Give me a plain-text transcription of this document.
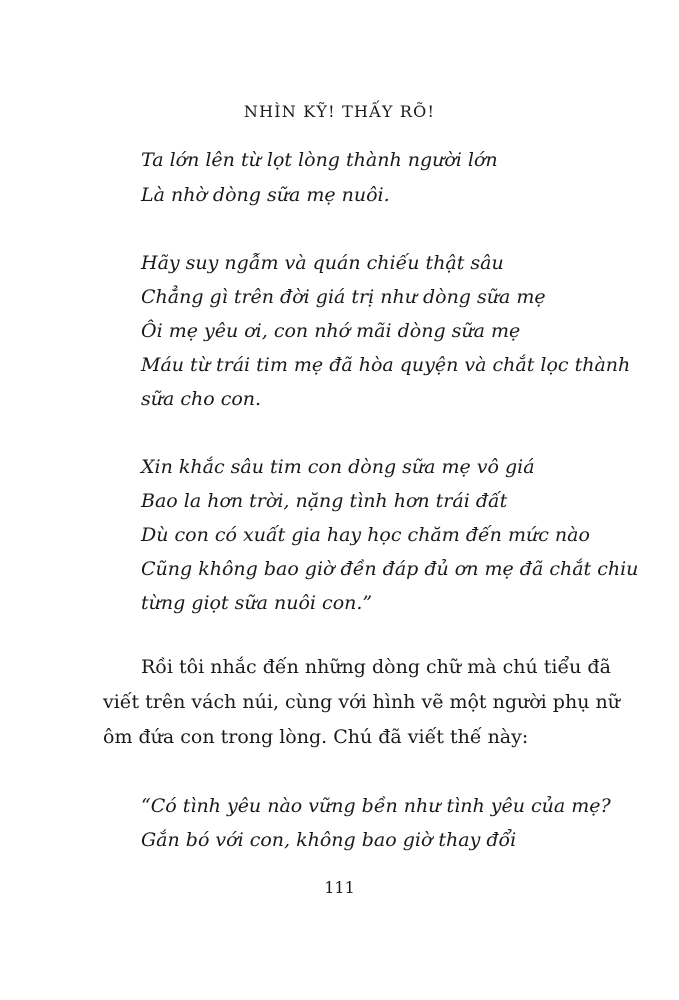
NHÌN KỸ! THẤY RÕ!
Ta lớn lên từ lọt lòng thành người lớn
Là nhờ dòng sữa mẹ nuôi.
Hãy suy ngẫm và quán chiếu thật sâu
Chẳng gì trên đời giá trị như dòng sữa mẹ
Ôi mẹ yêu ơi, con nhớ mãi dòng sữa mẹ
Máu từ trái tim mẹ đã hòa quyện và chắt lọc thành
sữa cho con.
Xin khắc sâu tim con dòng sữa mẹ vô giá
Bao la hơn trời, nặng tình hơn trái đất
Dù con có xuất gia hay học chăm đến mức nào
Cũng không bao giờ đền đáp đủ ơn mẹ đã chắt chiu
từng giọt sữa nuôi con.”
Rồi tôi nhắc đến những dòng chữ mà chú tiểu đã
viết trên vách núi, cùng với hình vẽ một người phụ nữ
ôm đứa con trong lòng. Chú đã viết thế này:
“Có tình yêu nào vững bền như tình yêu của mẹ?
Gắn bó với con, không bao giờ thay đổi
111
